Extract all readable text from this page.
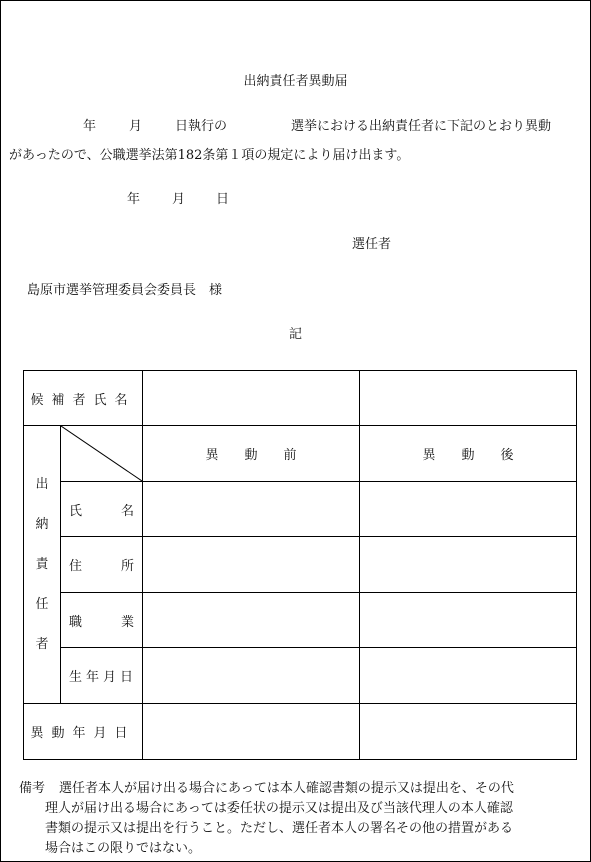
出納責任者異動届
年	月	日執行の	選挙における出納責任者に下記のとおり異動
があったので、公職選挙法第182条第１項の規定により届け出ます。
年 月 日
選任者
島原市選挙管理委員会委員長　様
記
候補者氏名			

出
納
責
任
者		異　　動　　前	異　　動　　後

	氏 名		

	住 所		

	職 業		

	生年月日		
異動年月日			
備考	選任者本人が届け出る場合にあっては本人確認書類の提示又は提出を、その代
理人が届け出る場合にあっては委任状の提示又は提出及び当該代理人の本人確認
書類の提示又は提出を行うこと。ただし、選任者本人の署名その他の措置がある
場合はこの限りではない。
